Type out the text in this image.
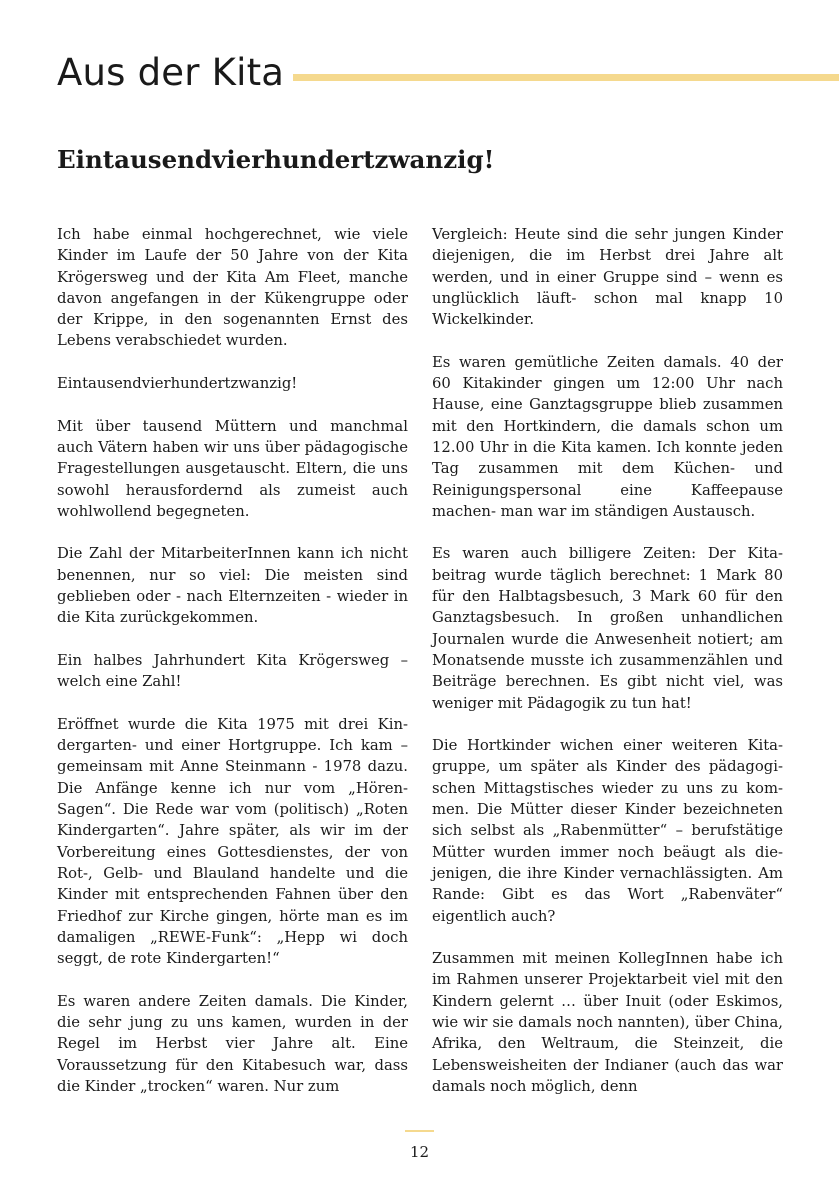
Aus der Kita
Eintausendvierhundertzwanzig!

Ich habe einmal hochgerechnet, wie viele Kinder im Laufe der 50 Jahre von der Kita Krögersweg und der Kita Am Fleet, manche davon angefangen in der Kükengruppe oder der Krippe, in den sogenannten Ernst des Lebens verabschiedet wurden.

Eintausendvierhundertzwanzig!

Mit über tausend Müttern und manchmal auch Vätern haben wir uns über pädagogische Fragestellungen ausgetauscht. Eltern, die uns sowohl herausfordernd als zumeist auch wohlwollend begegneten.

Die Zahl der MitarbeiterInnen kann ich nicht benennen, nur so viel: Die meisten sind geblieben oder - nach Elternzeiten - wieder in die Kita zurückgekommen.

Ein halbes Jahrhundert Kita Krögersweg – welch eine Zahl!

Eröffnet wurde die Kita 1975 mit drei Kindergarten- und einer Hortgruppe. Ich kam – gemeinsam mit Anne Steinmann - 1978 dazu. Die Anfänge kenne ich nur vom „Hören-Sagen“. Die Rede war vom (politisch) „Roten Kindergarten“. Jahre später, als wir im der Vorbereitung eines Gottesdienstes, der von Rot-, Gelb- und Blauland handelte und die Kinder mit entsprechenden Fahnen über den Friedhof zur Kirche gingen, hörte man es im damaligen „REWE-Funk“: „Hepp wi doch seggt, de rote Kindergarten!“

Es waren andere Zeiten damals. Die Kinder, die sehr jung zu uns kamen, wurden in der Regel im Herbst vier Jahre alt. Eine Voraussetzung für den Kitabesuch war, dass die Kinder „trocken“ waren. Nur zum

Vergleich: Heute sind die sehr jungen Kinder diejenigen, die im Herbst drei Jahre alt werden, und in einer Gruppe sind – wenn es unglücklich läuft- schon mal knapp 10 Wickelkinder.

Es waren gemütliche Zeiten damals. 40 der 60 Kitakinder gingen um 12:00 Uhr nach Hause, eine Ganztagsgruppe blieb zusammen mit den Hortkindern, die damals schon um 12.00 Uhr in die Kita kamen. Ich konnte jeden Tag zusammen mit dem Küchen- und Reinigungspersonal eine Kaffeepause machen- man war im ständigen Austausch.

Es waren auch billigere Zeiten: Der Kitabeitrag wurde täglich berechnet: 1 Mark 80 für den Halbtagsbesuch, 3 Mark 60 für den Ganztagsbesuch. In großen unhandlichen Journalen wurde die Anwesenheit notiert; am Monatsende musste ich zusammenzählen und Beiträge berechnen. Es gibt nicht viel, was weniger mit Pädagogik zu tun hat!

Die Hortkinder wichen einer weiteren Kitagruppe, um später als Kinder des pädagogischen Mittagstisches wieder zu uns zu kommen. Die Mütter dieser Kinder bezeichneten sich selbst als „Rabenmütter“ – berufstätige Mütter wurden immer noch beäugt als diejenigen, die ihre Kinder vernachlässigten. Am Rande: Gibt es das Wort „Rabenväter“ eigentlich auch?

Zusammen mit meinen KollegInnen habe ich im Rahmen unserer Projektarbeit viel mit den Kindern gelernt … über Inuit (oder Eskimos, wie wir sie damals noch nannten), über China, Afrika, den Weltraum, die Steinzeit, die Lebensweisheiten der Indianer (auch das war damals noch möglich, denn

12
